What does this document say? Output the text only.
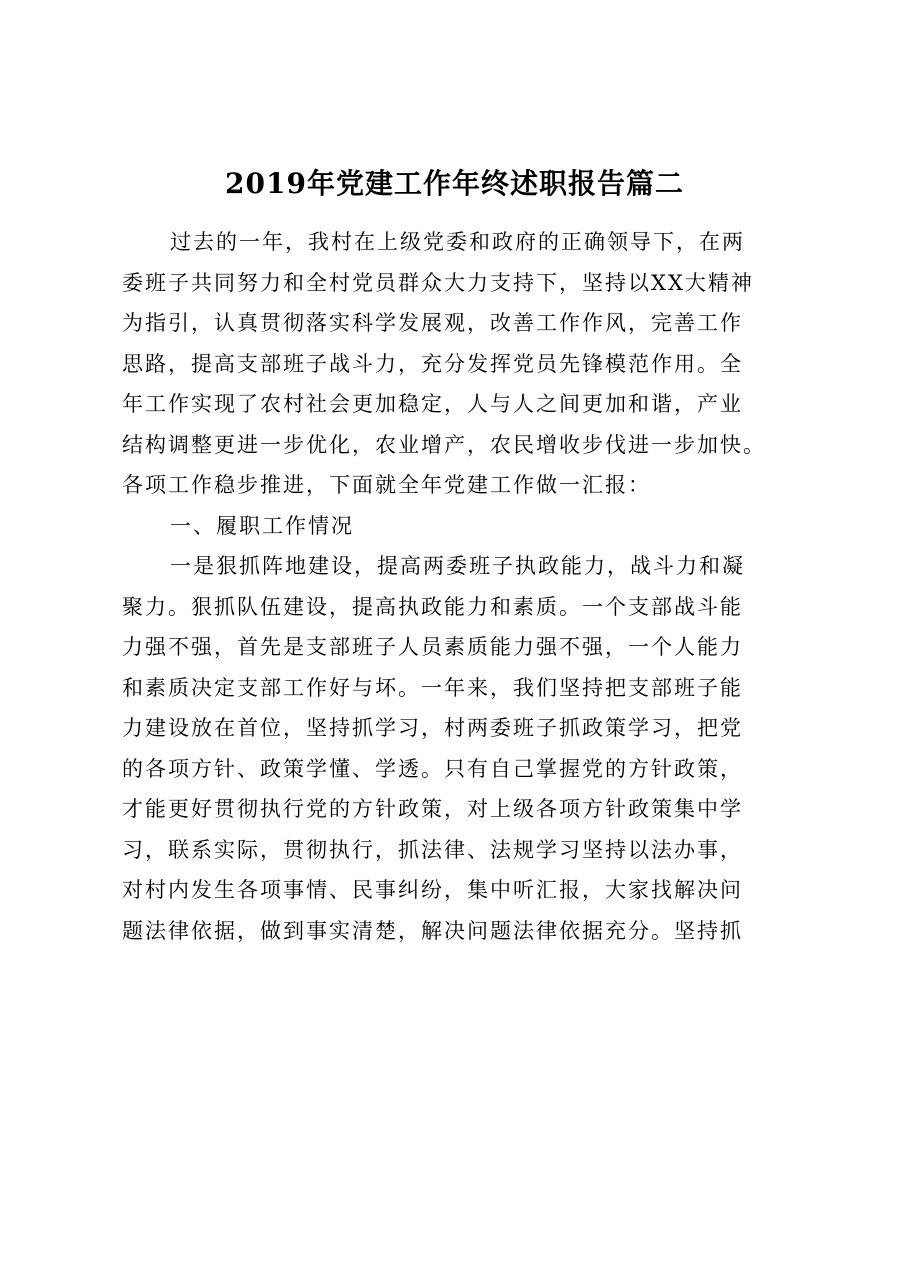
2019年党建工作年终述职报告篇二
过去的一年，我村在上级党委和政府的正确领导下，在两
委班子共同努力和全村党员群众大力支持下，坚持以XX大精神
为指引，认真贯彻落实科学发展观，改善工作作风，完善工作
思路，提高支部班子战斗力，充分发挥党员先锋模范作用。全
年工作实现了农村社会更加稳定，人与人之间更加和谐，产业
结构调整更进一步优化，农业增产，农民增收步伐进一步加快。
各项工作稳步推进，下面就全年党建工作做一汇报：
一、履职工作情况
一是狠抓阵地建设，提高两委班子执政能力，战斗力和凝
聚力。狠抓队伍建设，提高执政能力和素质。一个支部战斗能
力强不强，首先是支部班子人员素质能力强不强，一个人能力
和素质决定支部工作好与坏。一年来，我们坚持把支部班子能
力建设放在首位，坚持抓学习，村两委班子抓政策学习，把党
的各项方针、政策学懂、学透。只有自己掌握党的方针政策，
才能更好贯彻执行党的方针政策，对上级各项方针政策集中学
习，联系实际，贯彻执行，抓法律、法规学习坚持以法办事，
对村内发生各项事情、民事纠纷，集中听汇报，大家找解决问
题法律依据，做到事实清楚，解决问题法律依据充分。坚持抓
